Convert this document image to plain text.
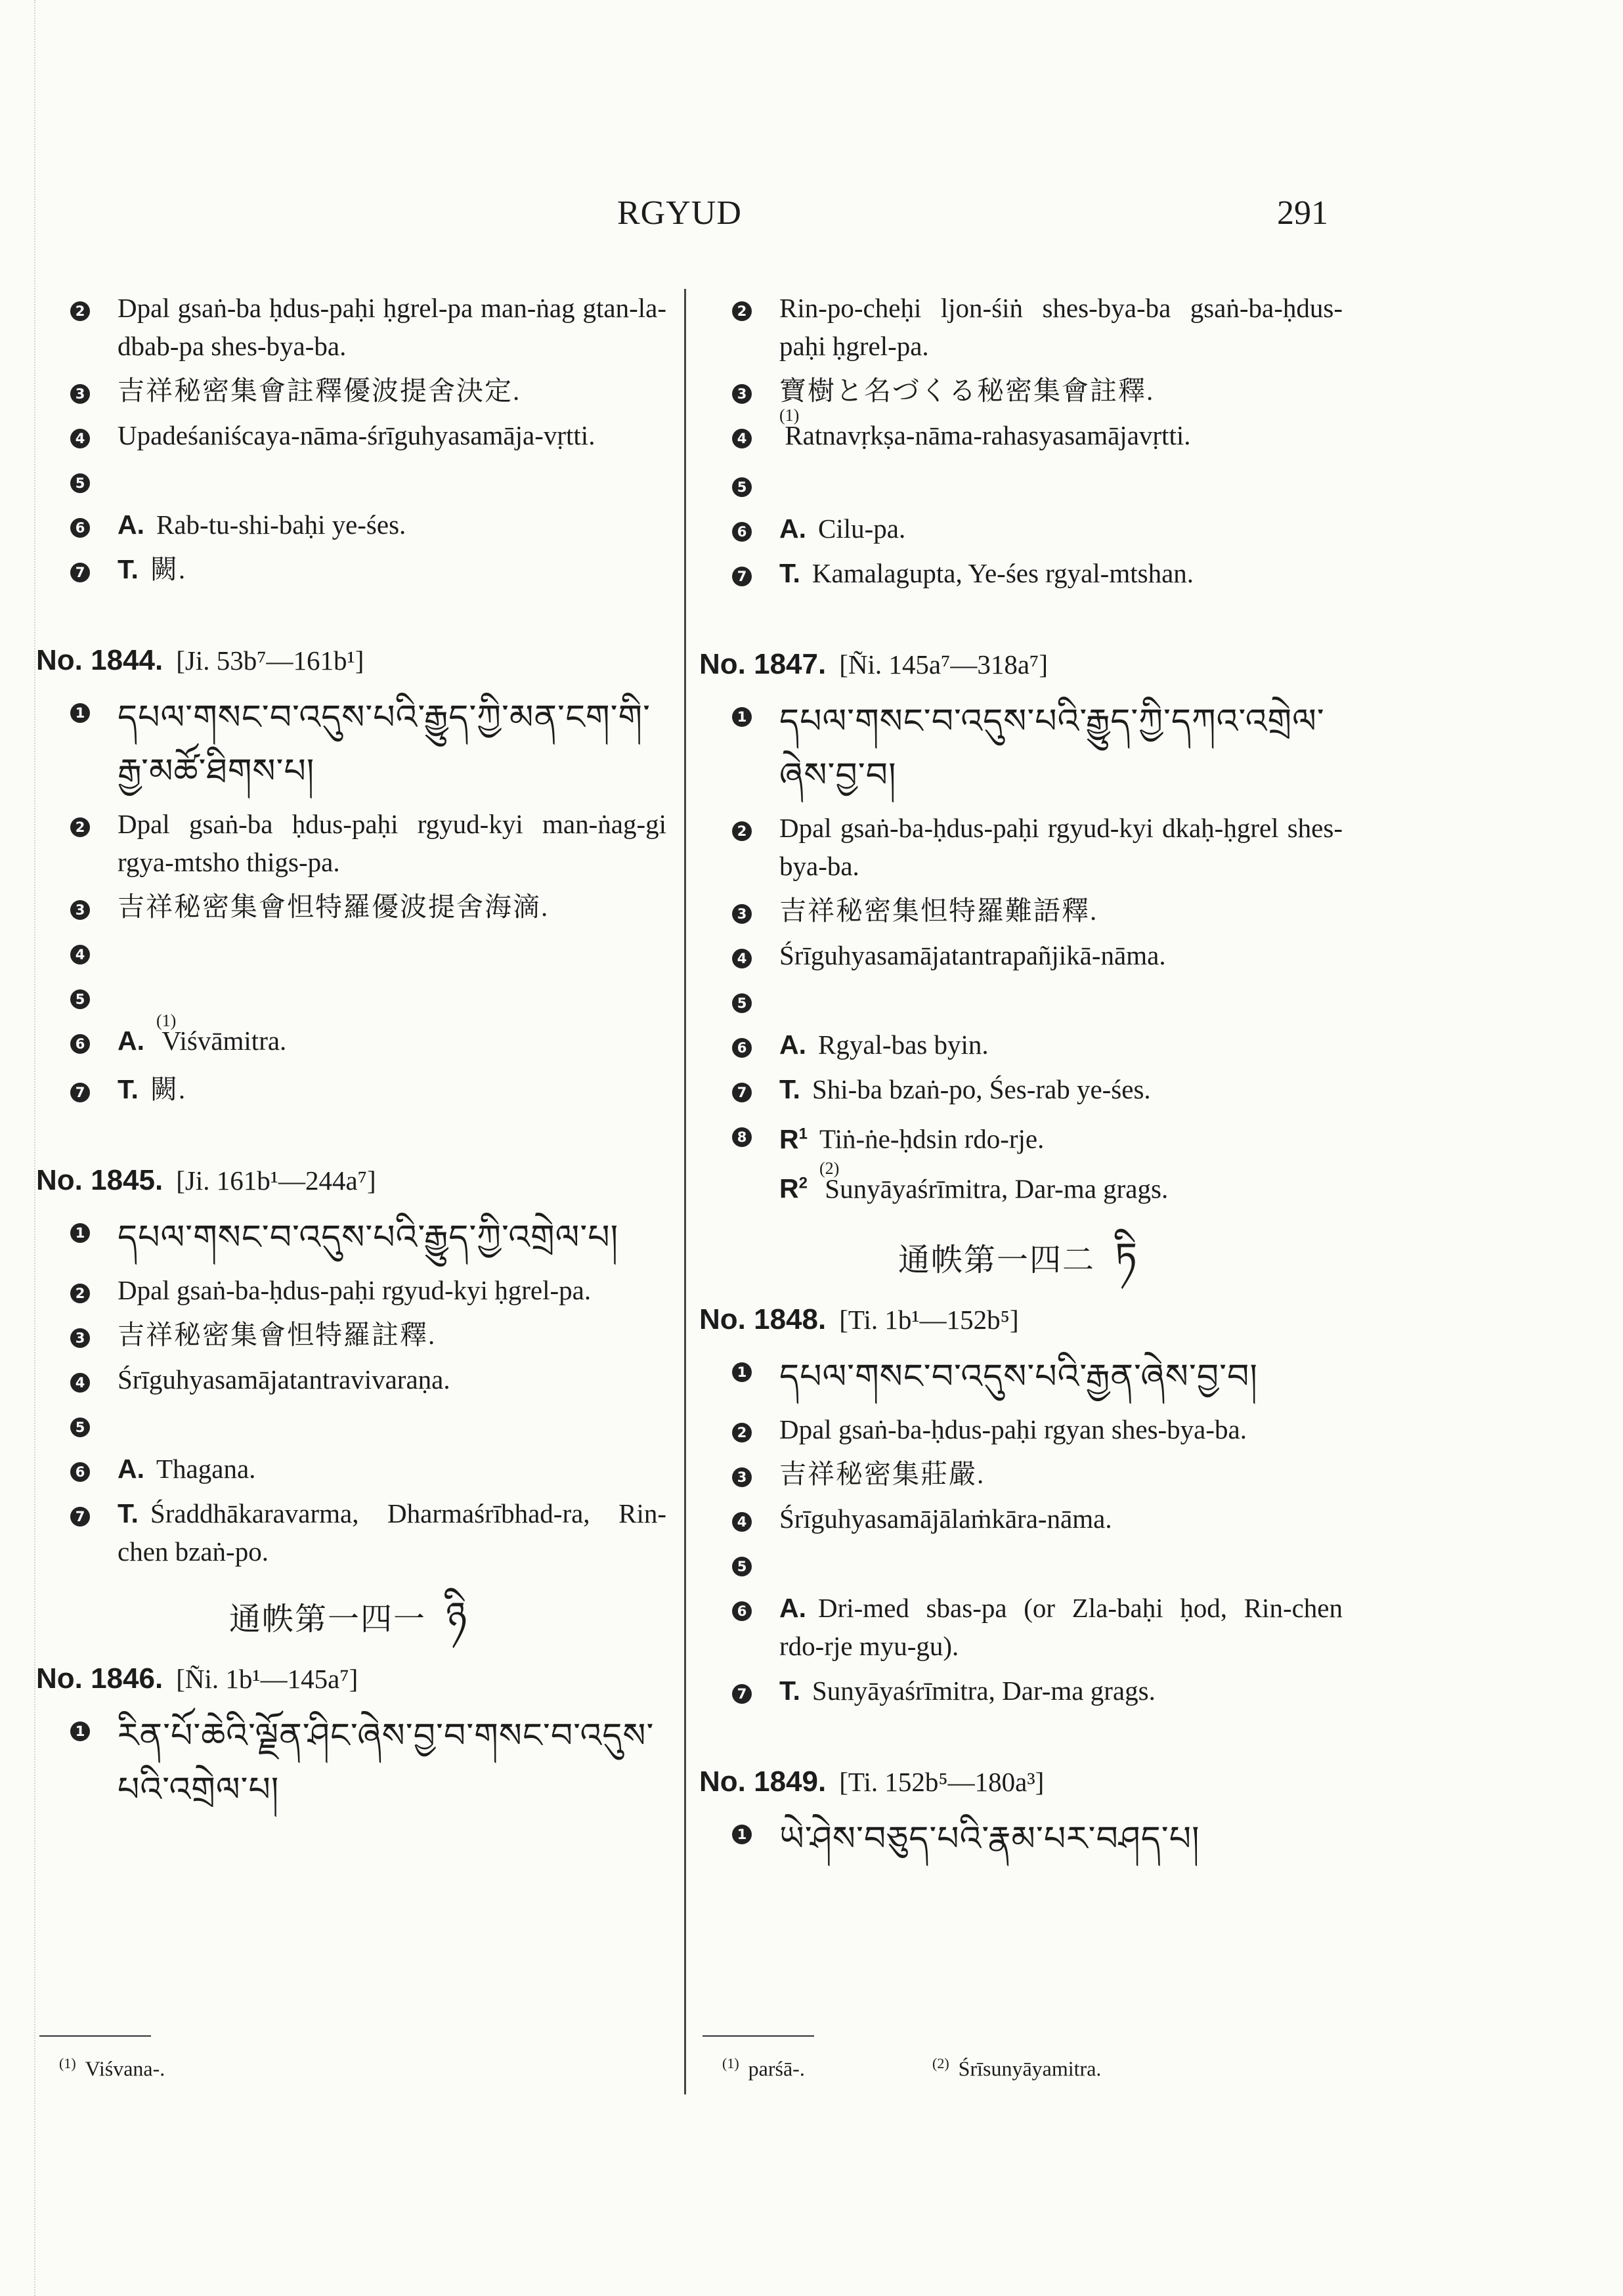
RGYUD	291
2	Dpal gsaṅ-ba ḥdus-paḥi ḥgrel-pa man-ṅag gtan-la-dbab-pa shes-bya-ba.
3	吉祥秘密集會註釋優波提舍決定.
4	Upadeśaniścaya-nāma-śrīguhyasamāja-vṛtti.
5
6	A. Rab-tu-shi-baḥi ye-śes.
7	T. 闕.
No. 1844. [Ji. 53b⁷—161b¹]
1 དཔལ་གསང་བ་འདུས་པའི་རྒྱུད་ཀྱི་མན་ངག་གི་རྒྱ་མཚོ་ཐིགས་པ།
2	Dpal gsaṅ-ba ḥdus-paḥi rgyud-kyi man-ṅag-gi rgya-mtsho thigs-pa.
3	吉祥秘密集會怛特羅優波提舍海滴.
4
5
6	A.$^{(1)}$Viśvāmitra.
7	T. 闕.
No. 1845. [Ji. 161b¹—244a⁷]
1 དཔལ་གསང་བ་འདུས་པའི་རྒྱུད་ཀྱི་འགྲེལ་པ།
2	Dpal gsaṅ-ba-ḥdus-paḥi rgyud-kyi ḥgrel-pa.
3	吉祥秘密集會怛特羅註釋.
4	Śrīguhyasamājatantravivaraṇa.
5
6	A. Thagana.
7	T. Śraddhākaravarma, Dharmaśrībhad-ra, Rin-chen bzaṅ-po.
通帙第一四一 ཉི
No. 1846. [Ñi. 1b¹—145a⁷]
1 རིན་པོ་ཆེའི་ལྗོན་ཤིང་ཞེས་བྱ་བ་གསང་བ་འདུས་པའི་འགྲེལ་པ།
2	Rin-po-cheḥi ljon-śiṅ shes-bya-ba gsaṅ-ba-ḥdus-paḥi ḥgrel-pa.
3	寶樹と名づくる秘密集會註釋.
4
$^{(1)}$Ratnavṛkṣa-nāma-rahasyasamājavṛtti.
5
6	A. Cilu-pa.
7	T. Kamalagupta, Ye-śes rgyal-mtshan.
No. 1847. [Ñi. 145a⁷—318a⁷]
1 དཔལ་གསང་བ་འདུས་པའི་རྒྱུད་ཀྱི་དཀའ་འགྲེལ་ཞེས་བྱ་བ།
2	Dpal gsaṅ-ba-ḥdus-paḥi rgyud-kyi dkaḥ-ḥgrel shes-bya-ba.
3	吉祥秘密集怛特羅難語釋.
4	Śrīguhyasamājatantrapañjikā-nāma.
5
6	A. Rgyal-bas byin.
7	T. Shi-ba bzaṅ-po, Śes-rab ye-śes.
8	$R^1$ Tiṅ-ṅe-ḥdsin rdo-rje.
$R^{2(2)}Sunyāyaśrīmitra$, Dar-ma grags.
通帙第一四二 ཏི
No. 1848. [Ti. 1b¹—152b⁵]
1 དཔལ་གསང་བ་འདུས་པའི་རྒྱན་ཞེས་བྱ་བ།
2	Dpal gsaṅ-ba-ḥdus-paḥi rgyan shes-bya-ba.
3	吉祥秘密集莊嚴.
4	Śrīguhyasamājālaṁkāra-nāma.
5
6	A. Dri-med sbas-pa (or Zla-baḥi ḥod, Rin-chen rdo-rje myu-gu).
7	T. Sunyāyaśrīmitra, Dar-ma grags.
No. 1849. [Ti. 152b⁵—180a³]
1 ཡེ་ཤེས་བཅུད་པའི་རྣམ་པར་བཤད་པ།
$^{(1)}$ Viśvana-.	$^{(1)}$ parśā-.	$^{(2)}$ Śrīsunyāyamitra.
